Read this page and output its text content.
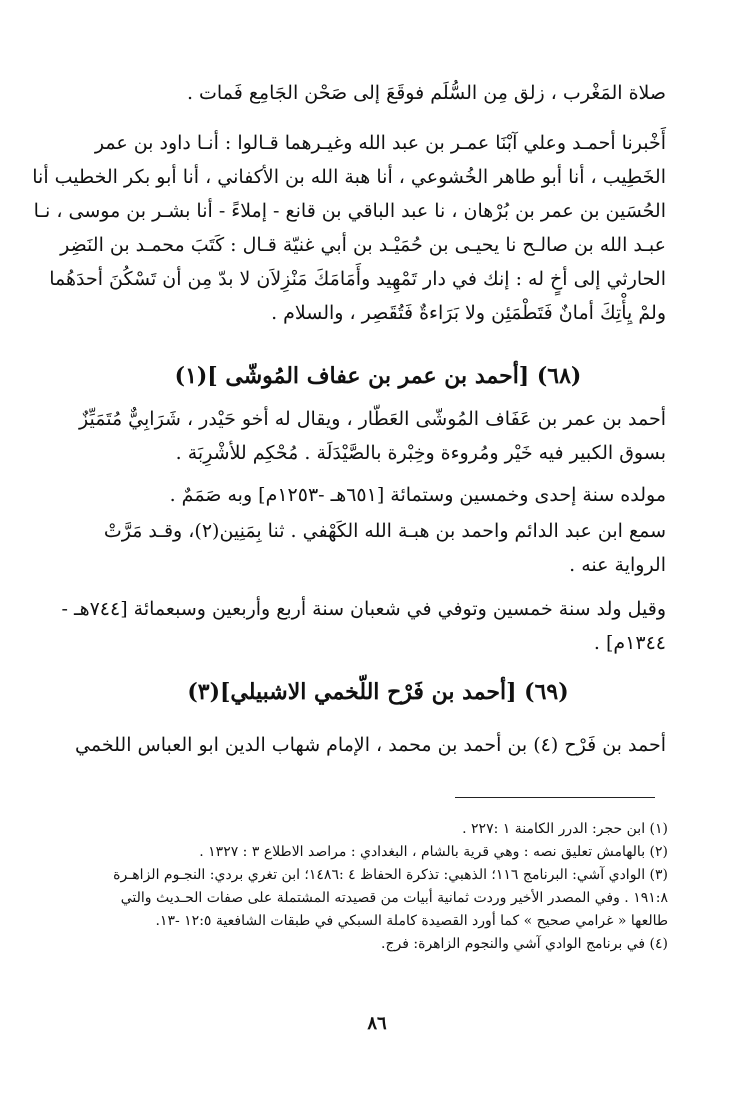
صلاة المَغْرب ، زلق مِن السُّلَم فوقَعَ إلى صَحْن الجَامِع فَمات .
أَخْبرنا أحمـد وعلي آبْنَا عمـر بن عبد الله وغيـرهما قـالوا : أنـا داود بن عمر
الخَطِيب ، أنا أبو طاهر الخُشوعي ، أنا هبة الله بن الأكفاني ، أنا أبو بكر الخطيب أنا
الحُسَين بن عمر بن بُرْهان ، نا عبد الباقي بن قانع - إملاءً - أنا بشـر بن موسى ، نـا
عبـد الله بن صالـح نا يحيـى بن حُمَيْـد بن أبي غنيّة قـال : كَتَبَ محمـد بن النَضِر
الحارثي إلى أخٍ له : إنك في دار تَمْهِيد وأَمَامَكَ مَنْزِلاَن لا بدّ مِن أن تَسْكُنَ أحدَهُما
ولمْ يِأْتِكَ أمانٌ فَتَطْمَئِن ولا بَرَاءةٌ فَتُقَصِر ، والسلام .
(٦٨) [أحمد بن عمر بن عفاف المُوشّى ](١)
أحمد بن عمر بن عَفَاف المُوشّى العَطّار ، ويقال له أخو حَيْدر ، شَرَابِيٌّ مُتَمَيِّزٌ
بسوق الكبير فيه خَيْر ومُروءة وخِبْرة بالصَّيْدَلَة . مُحْكِم للأشْرِبَة .
مولده سنة إحدى وخمسين وستمائة [٦٥١هـ -١٢٥٣م] وبه صَمَمٌ .
سمع ابن عبد الدائم واحمد بن هبـة الله الكَهْفي . ثنا بِمَنِين(٢)، وقـد مَرَّتْ
الرواية عنه .
وقيل ولد سنة خمسين وتوفي في شعبان سنة أربع وأربعين وسبعمائة [٧٤٤هـ -
١٣٤٤م] .
(٦٩) [أحمد بن فَرْح اللّخمي الاشبيلي](٣)
أحمد بن فَرْح (٤) بن أحمد بن محمد ، الإمام شهاب الدين ابو العباس اللخمي
(١) ابن حجر: الدرر الكامنة ١ :٢٢٧ .
(٢) بالهامش تعليق نصه : وهي قرية بالشام ، البغدادي : مراصد الاطلاع ٣ : ١٣٢٧ .
(٣) الوادي آشي: البرنامج ١١٦؛ الذهبي: تذكرة الحفاظ ٤ :١٤٨٦؛ ابن تغري بردي: النجـوم الزاهـرة
١٩١:٨ . وفي المصدر الأخير وردت ثمانية أبيات من قصيدته المشتملة على صفات الحـديث والتي
طالعها « غرامي صحيح » كما أورد القصيدة كاملة السبكي في طبقات الشافعية ١٢:٥ -١٣.
(٤) في برنامج الوادي آشي والنجوم الزاهرة: فرج.
٨٦
